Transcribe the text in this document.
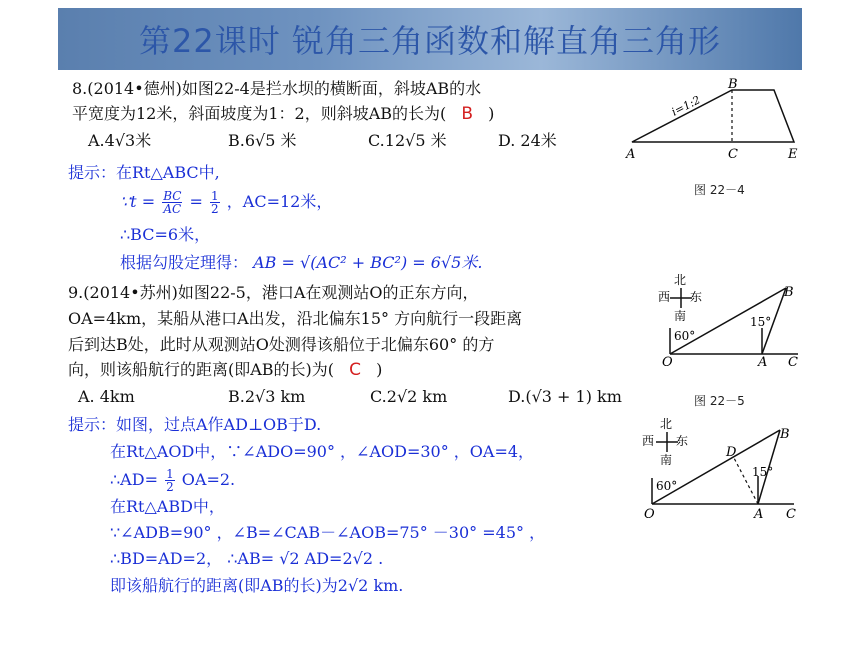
第22课时 锐角三角函数和解直角三角形
8.(2014•德州)如图22-4是拦水坝的横断面，斜坡AB的水
平宽度为12米，斜面坡度为1：2，则斜坡AB的长为( B )
A.4√3米	B.6√5 米	C.12√5 米	D. 24米
提示：在Rt△ABC中,
∵t = $\frac{BC}{AC} = \frac{1}{2}$ ，AC=12米，
∴BC=6米，
根据勾股定理得： AB = √(AC² + BC²) = 6√5米.
9.(2014•苏州)如图22-5，港口A在观测站O的正东方向，
OA=4km，某船从港口A出发，沿北偏东15° 方向航行一段距离
后到达B处，此时从观测站O处测得该船位于北偏东60° 的方
向，则该船航行的距离(即AB的长)为( C )
A. 4km	B.2√3 km	C.2√2 km	D.(√3 + 1) km
提示：如图，过点A作AD⊥OB于D.
在Rt△AOD中，∵∠ADO=90° ，∠AOD=30° ，OA=4，
∴AD= $\frac{1}{2} OA=2$.
在Rt△ABD中，
∵∠ADB=90° ，∠B=∠CAB－∠AOB=75° －30° =45° ，
∴BD=AD=2， ∴AB= √2 AD=2√2 .
即该船航行的距离(即AB的长)为2√2 km.
A
B
C	E
i=1:2
图 22－4
北
西 东
南
60°
15°
O	A C
B
图 22－5
北
西 东
南
60°
15°
D
O	A C
B
